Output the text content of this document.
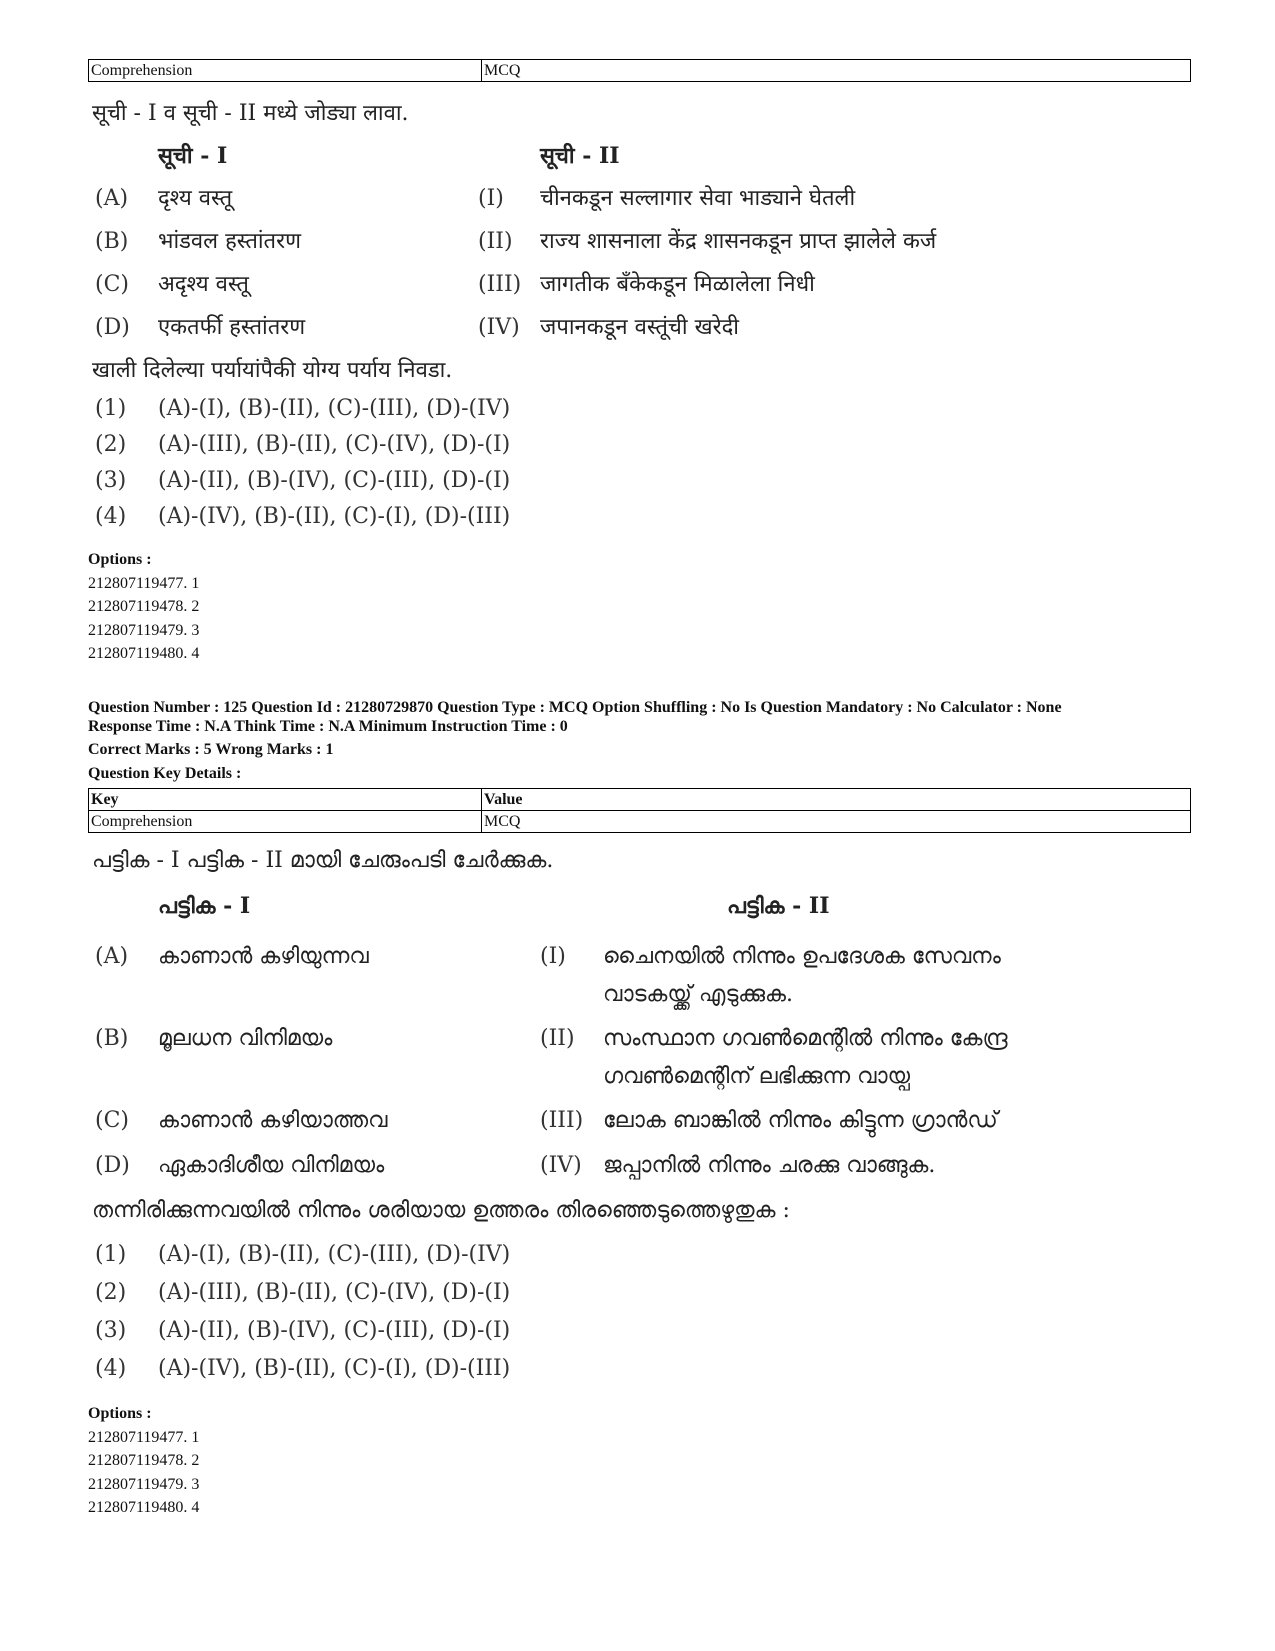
Comprehension	MCQ
सूची - I व सूची - II मध्ये जोड्या लावा.
सूची - I	सूची - II
(A) दृश्य वस्तू	(I) चीनकडून सल्लागार सेवा भाड्याने घेतली
(B) भांडवल हस्तांतरण	(II) राज्य शासनाला केंद्र शासनकडून प्राप्त झालेले कर्ज
(C) अदृश्य वस्तू	(III) जागतीक बँकेकडून मिळालेला निधी
(D) एकतर्फी हस्तांतरण	(IV) जपानकडून वस्तूंची खरेदी
खाली दिलेल्या पर्यायांपैकी योग्य पर्याय निवडा.
(1) (A)-(I), (B)-(II), (C)-(III), (D)-(IV)
(2) (A)-(III), (B)-(II), (C)-(IV), (D)-(I)
(3) (A)-(II), (B)-(IV), (C)-(III), (D)-(I)
(4) (A)-(IV), (B)-(II), (C)-(I), (D)-(III)
Options :
212807119477. 1
212807119478. 2
212807119479. 3
212807119480. 4
Question Number : 125 Question Id : 21280729870 Question Type : MCQ Option Shuffling : No Is Question Mandatory : No Calculator : None
Response Time : N.A Think Time : N.A Minimum Instruction Time : 0
Correct Marks : 5 Wrong Marks : 1
Question Key Details :
Key	Value
Comprehension	MCQ
പട്ടിക - I പട്ടിക - II മായി ചേരുംപടി ചേർക്കുക.
പട്ടിക - I	പട്ടിക - II
(A) കാണാൻ കഴിയുന്നവ	(I) ചൈനയിൽ നിന്നും ഉപദേശക സേവനം
വാടകയ്ക്ക് എടുക്കുക.
(B) മൂലധന വിനിമയം	(II) സംസ്ഥാന ഗവൺമെന്റിൽ നിന്നും കേന്ദ്ര
ഗവൺമെന്റിന് ലഭിക്കുന്ന വായ്പ
(C) കാണാൻ കഴിയാത്തവ	(III) ലോക ബാങ്കിൽ നിന്നും കിട്ടുന്ന ഗ്രാൻഡ്
(D) ഏകാദിശീയ വിനിമയം	(IV) ജപ്പാനിൽ നിന്നും ചരക്കു വാങ്ങുക.
തന്നിരിക്കുന്നവയിൽ നിന്നും ശരിയായ ഉത്തരം തിരഞ്ഞെടുത്തെഴുതുക :
(1) (A)-(I), (B)-(II), (C)-(III), (D)-(IV)
(2) (A)-(III), (B)-(II), (C)-(IV), (D)-(I)
(3) (A)-(II), (B)-(IV), (C)-(III), (D)-(I)
(4) (A)-(IV), (B)-(II), (C)-(I), (D)-(III)
Options :
212807119477. 1
212807119478. 2
212807119479. 3
212807119480. 4
